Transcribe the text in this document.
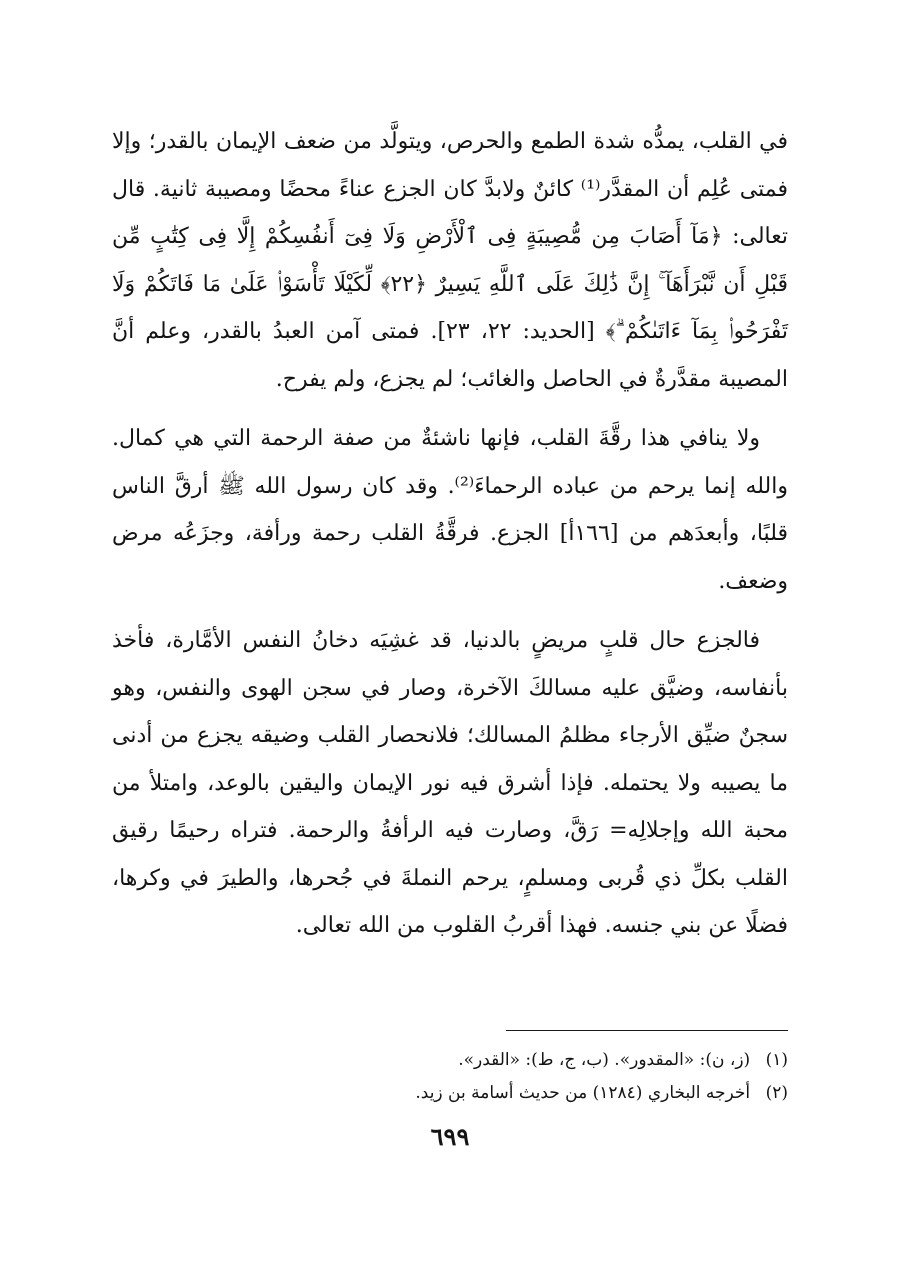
في القلب، يمدُّه شدة الطمع والحرص، ويتولَّد من ضعف الإيمان بالقدر؛ وإلا فمتى عُلِم أن المقدَّر⁽¹⁾ كائنٌ ولابدَّ كان الجزع عناءً محضًا ومصيبة ثانية. قال تعالى: ﴿مَآ أَصَابَ مِن مُّصِيبَةٍ فِى ٱلْأَرْضِ وَلَا فِىٓ أَنفُسِكُمْ إِلَّا فِى كِتَٰبٍ مِّن قَبْلِ أَن نَّبْرَأَهَآ ۚ إِنَّ ذَٰلِكَ عَلَى ٱللَّهِ يَسِيرٌ ﴿٢٢﴾ لِّكَيْلَا تَأْسَوْا۟ عَلَىٰ مَا فَاتَكُمْ وَلَا تَفْرَحُوا۟ بِمَآ ءَاتَىٰكُمْ ۗ﴾ [الحديد: ٢٢، ٢٣]. فمتى آمن العبدُ بالقدر، وعلم أنَّ المصيبة مقدَّرةٌ في الحاصل والغائب؛ لم يجزع، ولم يفرح.

ولا ينافي هذا رقَّةَ القلب، فإنها ناشئةٌ من صفة الرحمة التي هي كمال. والله إنما يرحم من عباده الرحماءَ⁽²⁾. وقد كان رسول الله ﷺ أرقَّ الناس قلبًا، وأبعدَهم من [١٦٦أ] الجزع. فرقَّةُ القلب رحمة ورأفة، وجزَعُه مرض وضعف.

فالجزع حال قلبٍ مريضٍ بالدنيا، قد غشِيَه دخانُ النفس الأمَّارة، فأخذ بأنفاسه، وضيَّق عليه مسالكَ الآخرة، وصار في سجن الهوى والنفس، وهو سجنٌ ضيِّق الأرجاء مظلمُ المسالك؛ فلانحصار القلب وضيقه يجزع من أدنى ما يصيبه ولا يحتمله. فإذا أشرق فيه نور الإيمان واليقين بالوعد، وامتلأ من محبة الله وإجلالِه= رَقَّ، وصارت فيه الرأفةُ والرحمة. فتراه رحيمًا رقيق القلب بكلِّ ذي قُربى ومسلمٍ، يرحم النملةَ في جُحرها، والطيرَ في وكرها، فضلًا عن بني جنسه. فهذا أقربُ القلوب من الله تعالى.

(١) (ز، ن): «المقدور». (ب، ج، ط): «القدر».

(٢) أخرجه البخاري (١٢٨٤) من حديث أسامة بن زيد.

٦٩٩
